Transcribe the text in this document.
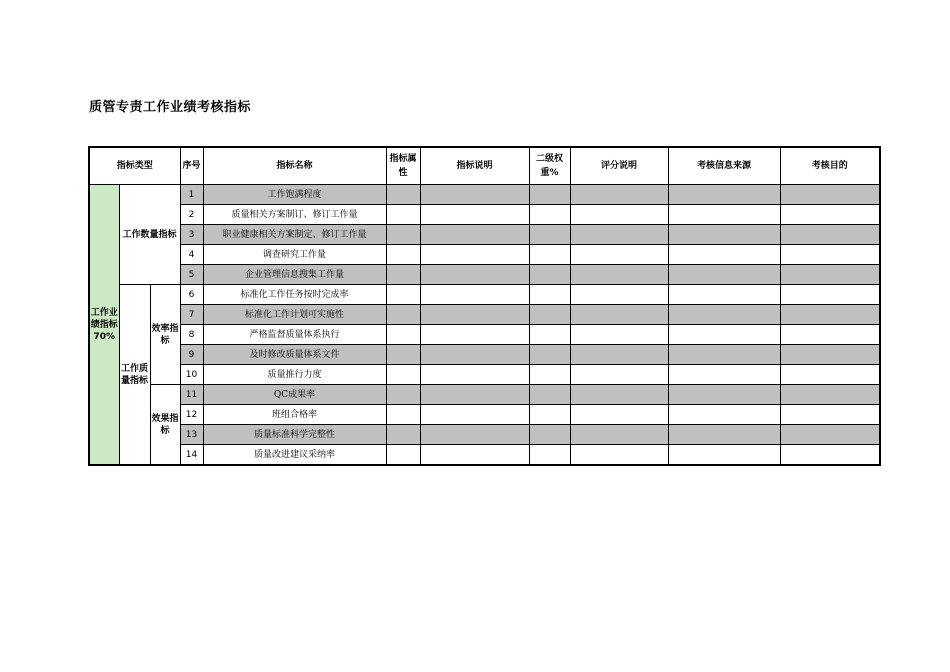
质管专责工作业绩考核指标
指标类型			序号	指标名称	指标属性	指标说明	二级权重%	评分说明	考核信息来源	考核目的
工作业绩指标70%	工作数量指标		1	工作饱满程度						
			2	质量相关方案制订、修订工作量						
			3	职业健康相关方案制定、修订工作量						
			4	调查研究工作量						
			5	企业管理信息搜集工作量						

	工作质量指标	效率指标	6	标准化工作任务按时完成率						
			7	标准化工作计划可实施性						
			8	严格监督质量体系执行						
			9	及时修改质量体系文件						
			10	质量推行力度						

		效果指标	11	QC成果率						
			12	班组合格率						
			13	质量标准科学完整性						
			14	质量改进建议采纳率						
